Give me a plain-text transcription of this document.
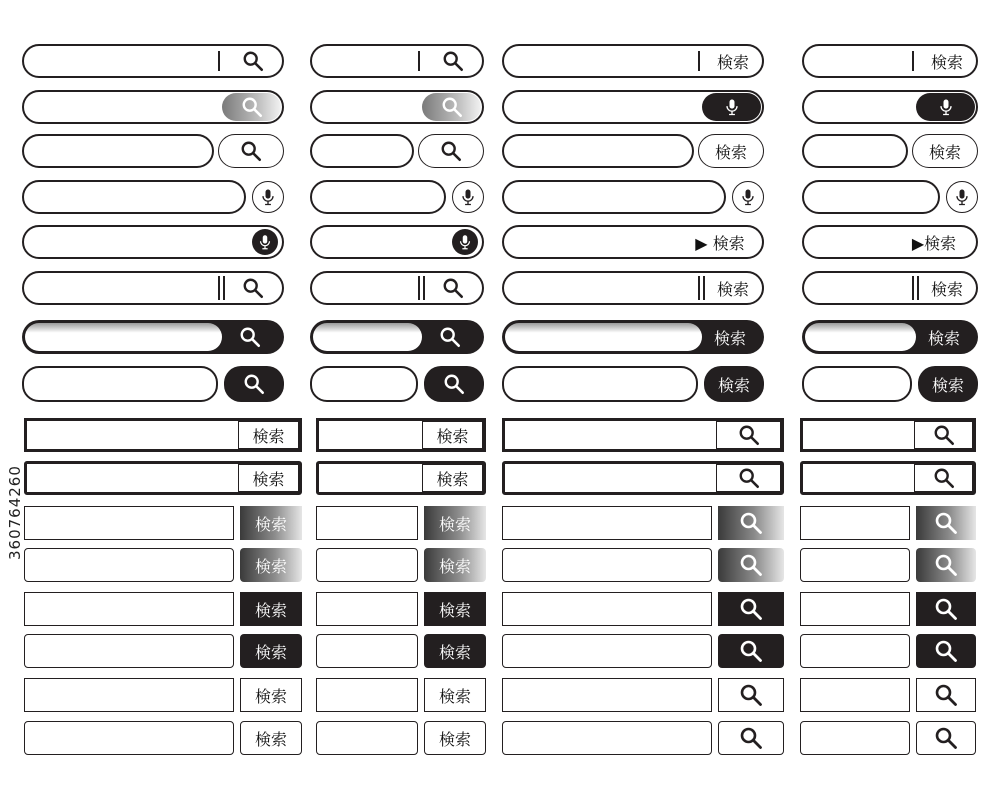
検索
検索
▶ 検索
検索
検索
検索
検索
検索
▶検索
検索
検索
検索
検索
検索
検索
検索
検索
検索
検索
検索
検索
検索
検索
検索
検索
検索
検索
検索
360764260
